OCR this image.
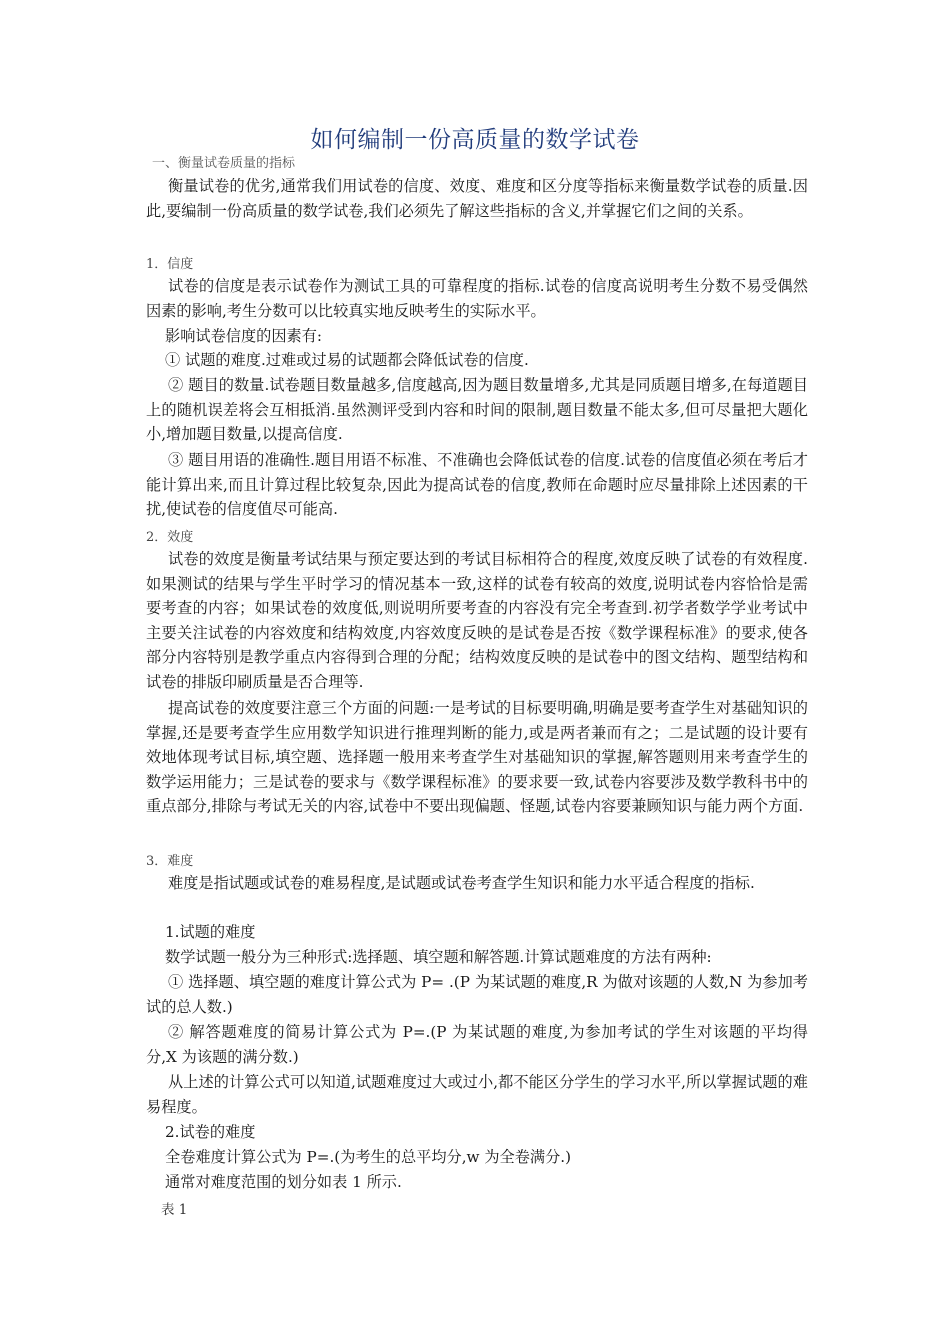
如何编制一份高质量的数学试卷
一、衡量试卷质量的指标
衡量试卷的优劣,通常我们用试卷的信度、效度、难度和区分度等指标来衡量数学试卷的质量.因此,要编制一份高质量的数学试卷,我们必须先了解这些指标的含义,并掌握它们之间的关系。
1．信度
试卷的信度是表示试卷作为测试工具的可靠程度的指标.试卷的信度高说明考生分数不易受偶然因素的影响,考生分数可以比较真实地反映考生的实际水平。
影响试卷信度的因素有:
① 试题的难度.过难或过易的试题都会降低试卷的信度.
② 题目的数量.试卷题目数量越多,信度越高,因为题目数量增多,尤其是同质题目增多,在每道题目上的随机误差将会互相抵消.虽然测评受到内容和时间的限制,题目数量不能太多,但可尽量把大题化小,增加题目数量,以提高信度.
③ 题目用语的准确性.题目用语不标准、不准确也会降低试卷的信度.试卷的信度值必须在考后才能计算出来,而且计算过程比较复杂,因此为提高试卷的信度,教师在命题时应尽量排除上述因素的干扰,使试卷的信度值尽可能高.
2．效度
试卷的效度是衡量考试结果与预定要达到的考试目标相符合的程度,效度反映了试卷的有效程度.如果测试的结果与学生平时学习的情况基本一致,这样的试卷有较高的效度,说明试卷内容恰恰是需要考查的内容；如果试卷的效度低,则说明所要考查的内容没有完全考查到.初学者数学学业考试中主要关注试卷的内容效度和结构效度,内容效度反映的是试卷是否按《数学课程标准》的要求,使各部分内容特别是教学重点内容得到合理的分配；结构效度反映的是试卷中的图文结构、题型结构和试卷的排版印刷质量是否合理等.
提高试卷的效度要注意三个方面的问题:一是考试的目标要明确,明确是要考查学生对基础知识的掌握,还是要考查学生应用数学知识进行推理判断的能力,或是两者兼而有之；二是试题的设计要有效地体现考试目标,填空题、选择题一般用来考查学生对基础知识的掌握,解答题则用来考查学生的数学运用能力；三是试卷的要求与《数学课程标准》的要求要一致,试卷内容要涉及数学教科书中的重点部分,排除与考试无关的内容,试卷中不要出现偏题、怪题,试卷内容要兼顾知识与能力两个方面.
3．难度
难度是指试题或试卷的难易程度,是试题或试卷考查学生知识和能力水平适合程度的指标.
1.试题的难度
数学试题一般分为三种形式:选择题、填空题和解答题.计算试题难度的方法有两种:
① 选择题、填空题的难度计算公式为 P= .(P 为某试题的难度,R 为做对该题的人数,N 为参加考试的总人数.)
② 解答题难度的简易计算公式为 P=.(P 为某试题的难度,为参加考试的学生对该题的平均得分,X 为该题的满分数.)
从上述的计算公式可以知道,试题难度过大或过小,都不能区分学生的学习水平,所以掌握试题的难易程度。
2.试卷的难度
全卷难度计算公式为 P=.(为考生的总平均分,w 为全卷满分.)
通常对难度范围的划分如表 1 所示.
表 1
